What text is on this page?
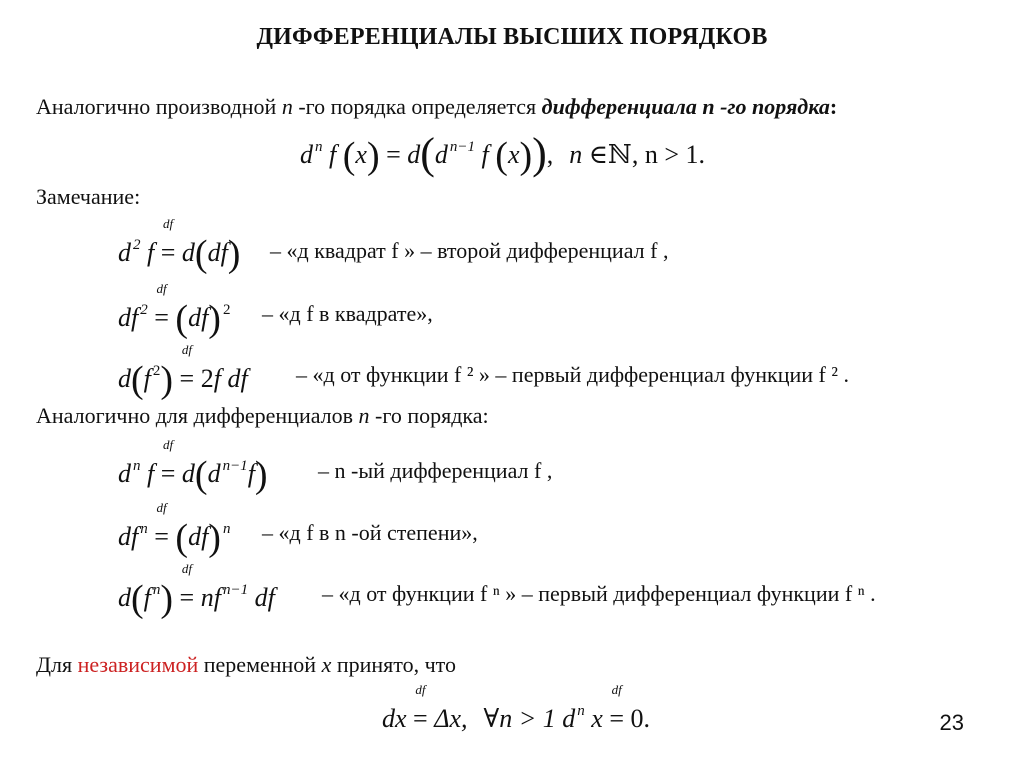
ДИФФЕРЕНЦИАЛЫ ВЫСШИХ ПОРЯДКОВ
Аналогично производной n -го порядка определяется дифференциала n -го порядка:
d $^n$ f (x) = d(d $^{n-1}$ f (x)), n ∈ℕ, n > 1.
Замечание:
d $^2$ f
df
= d(df) – «д квадрат f » – второй дифференциал f ,
df $^2$
df
= (df) $^2$ – «д f в квадрате»,
d(f $^2$)
df
= 2f df – «д от функции f ² » – первый дифференциал функции f ² .
Аналогично для дифференциалов n -го порядка:
d $^n$ f
df
= d(d $^{n-1}$f) – n -ый дифференциал f ,
df $^n$
df
= (df) $^n$ – «д f в n -ой степени»,
d(f $^n$)
df
= nf $^{n-1}$ df – «д от функции f ⁿ » – первый дифференциал функции f ⁿ .
Для независимой переменной x принято, что
dx
df
= Δx, ∀n > 1 d $^n$ x
df
= 0.	23
